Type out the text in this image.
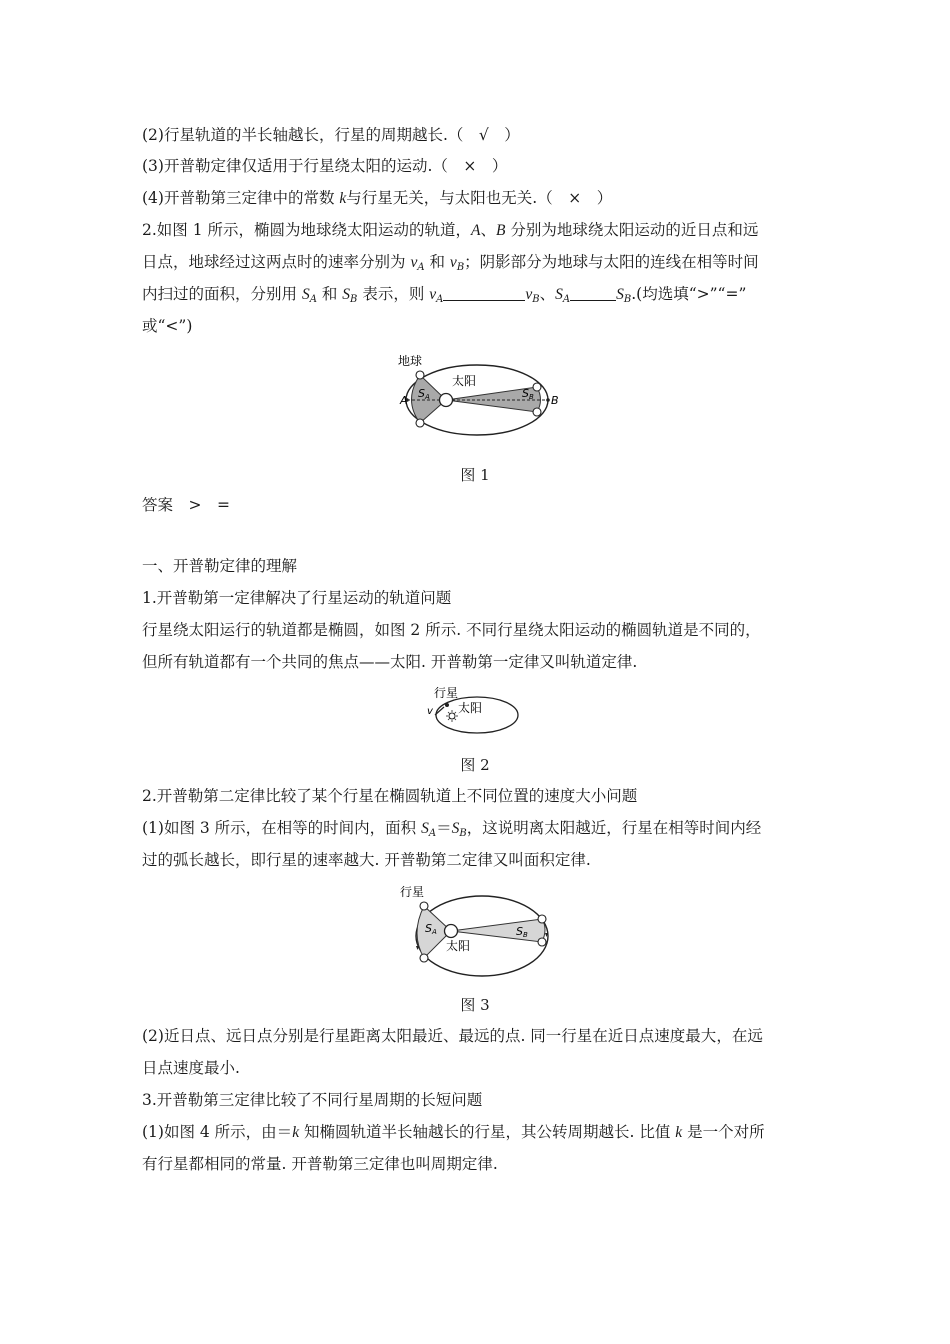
(2)行星轨道的半长轴越长，行星的周期越长.（　√　）
(3)开普勒定律仅适用于行星绕太阳的运动.（　×　）
(4)开普勒第三定律中的常数 k与行星无关，与太阳也无关.（　×　）
2.如图 1 所示，椭圆为地球绕太阳运动的轨道，A、B 分别为地球绕太阳运动的近日点和远
日点，地球经过这两点时的速率分别为 $v_A$ 和 $v_B$；阴影部分为地球与太阳的连线在相等时间
内扫过的面积，分别用 $S_A$ 和 $S_B$ 表示，则 $v_A$	$v_B$、$S_A$	$S_B$.(均选填“>”“=”
或“<”)
地球
太阳
A	B
SA	SB
图 1
答案　>　=
一、开普勒定律的理解
1.开普勒第一定律解决了行星运动的轨道问题
行星绕太阳运行的轨道都是椭圆，如图 2 所示. 不同行星绕太阳运动的椭圆轨道是不同的，
但所有轨道都有一个共同的焦点——太阳. 开普勒第一定律又叫轨道定律.
行星
太阳
v
图 2
2.开普勒第二定律比较了某个行星在椭圆轨道上不同位置的速度大小问题
(1)如图 3 所示，在相等的时间内，面积 $S_A=S_B$，这说明离太阳越近，行星在相等时间内经
过的弧长越长，即行星的速率越大. 开普勒第二定律又叫面积定律.
行星
太阳
SA	SB
图 3
(2)近日点、远日点分别是行星距离太阳最近、最远的点. 同一行星在近日点速度最大，在远
日点速度最小.
3.开普勒第三定律比较了不同行星周期的长短问题
(1)如图 4 所示，由＝k 知椭圆轨道半长轴越长的行星，其公转周期越长. 比值 k 是一个对所
有行星都相同的常量. 开普勒第三定律也叫周期定律.
